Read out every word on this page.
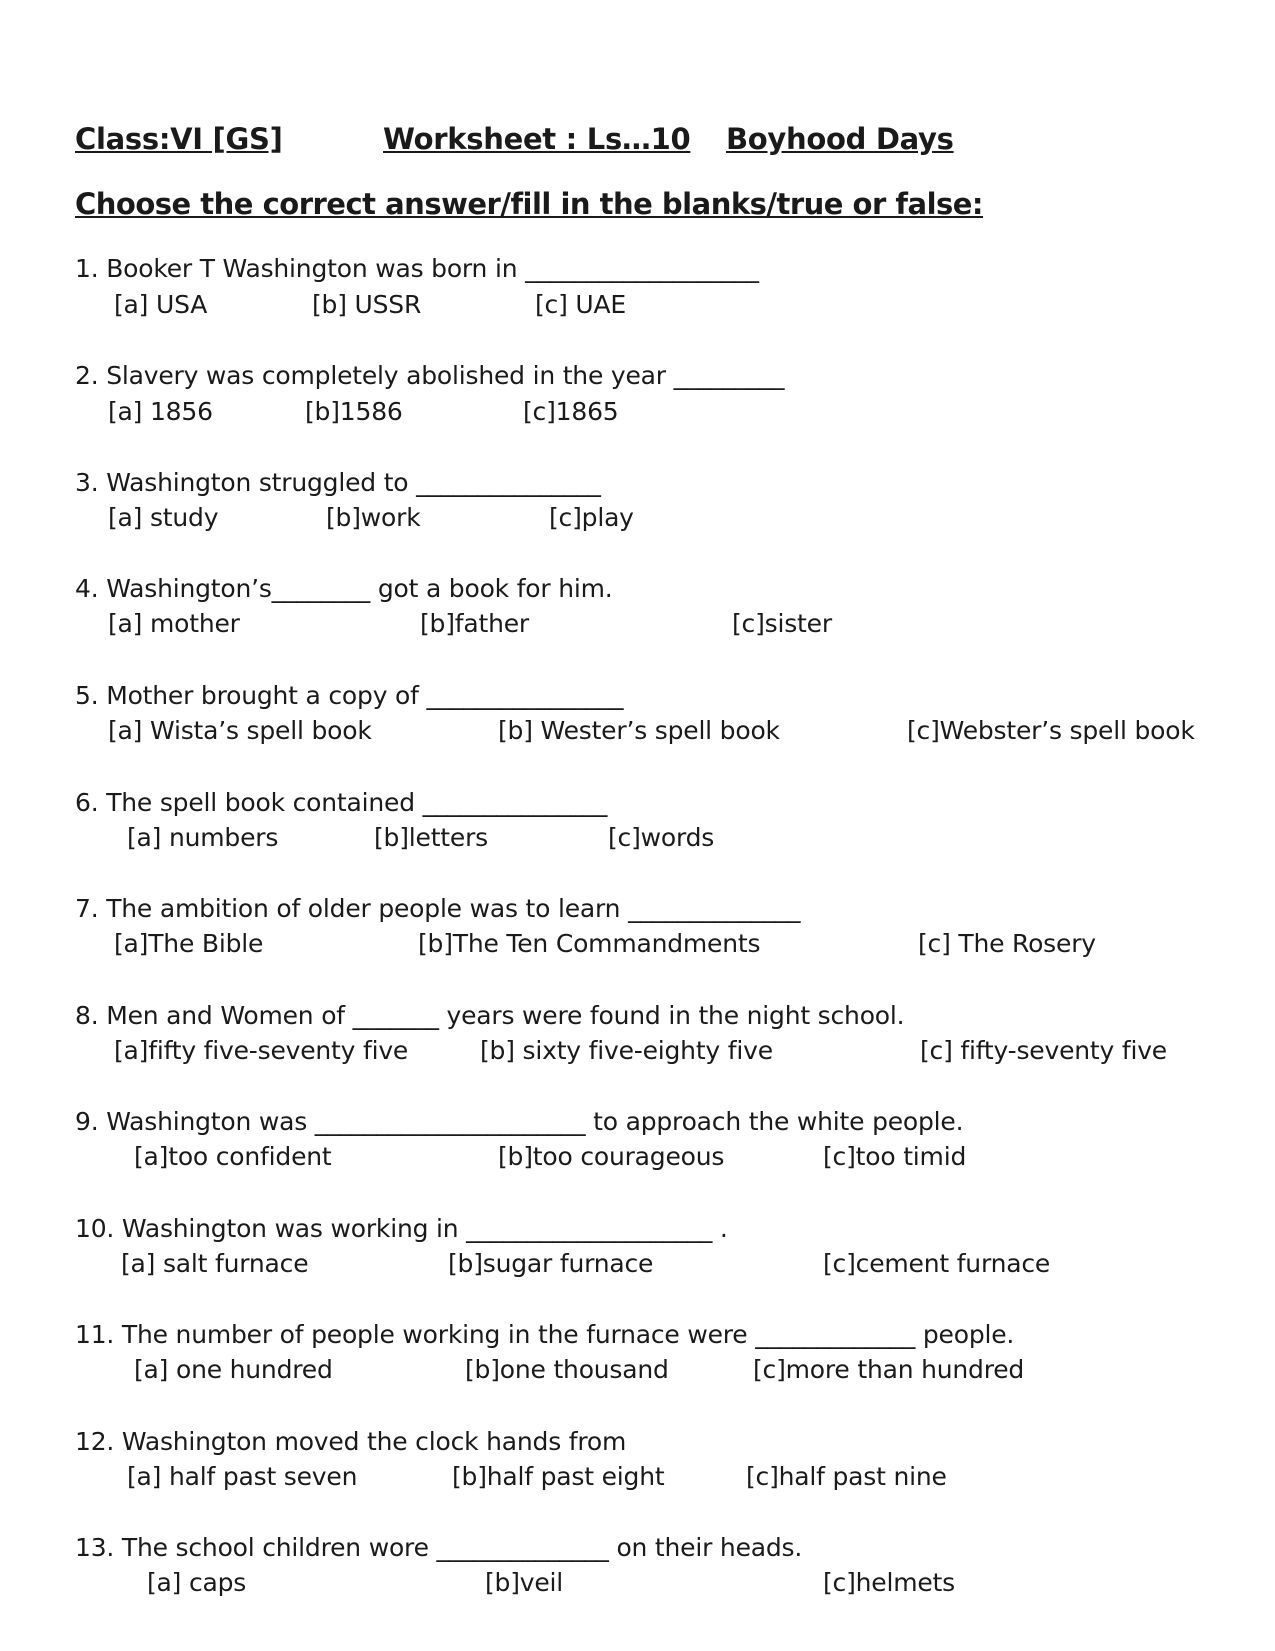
Class:VI [GS]	Worksheet : Ls…10 Boyhood Days
Choose the correct answer/fill in the blanks/true or false:
1. Booker T Washington was born in ___________________
[a] USA	[b] USSR	[c] UAE
2. Slavery was completely abolished in the year _________
[a] 1856	[b]1586	[c]1865
3. Washington struggled to _______________
[a] study	[b]work	[c]play
4. Washington’s________ got a book for him.
[a] mother	[b]father	[c]sister
5. Mother brought a copy of ________________
[a] Wista’s spell book	[b] Wester’s spell book	[c]Webster’s spell book
6. The spell book contained _______________
[a] numbers	[b]letters	[c]words
7. The ambition of older people was to learn ______________
[a]The Bible	[b]The Ten Commandments	[c] The Rosery
8. Men and Women of _______ years were found in the night school.
[a]fifty five-seventy five	[b] sixty five-eighty five	[c] fifty-seventy five
9. Washington was ______________________ to approach the white people.
[a]too confident	[b]too courageous	[c]too timid
10. Washington was working in ____________________ .
[a] salt furnace	[b]sugar furnace	[c]cement furnace
11. The number of people working in the furnace were _____________ people.
[a] one hundred	[b]one thousand	[c]more than hundred
12. Washington moved the clock hands from
[a] half past seven	[b]half past eight	[c]half past nine
13. The school children wore ______________ on their heads.
[a] caps	[b]veil	[c]helmets
